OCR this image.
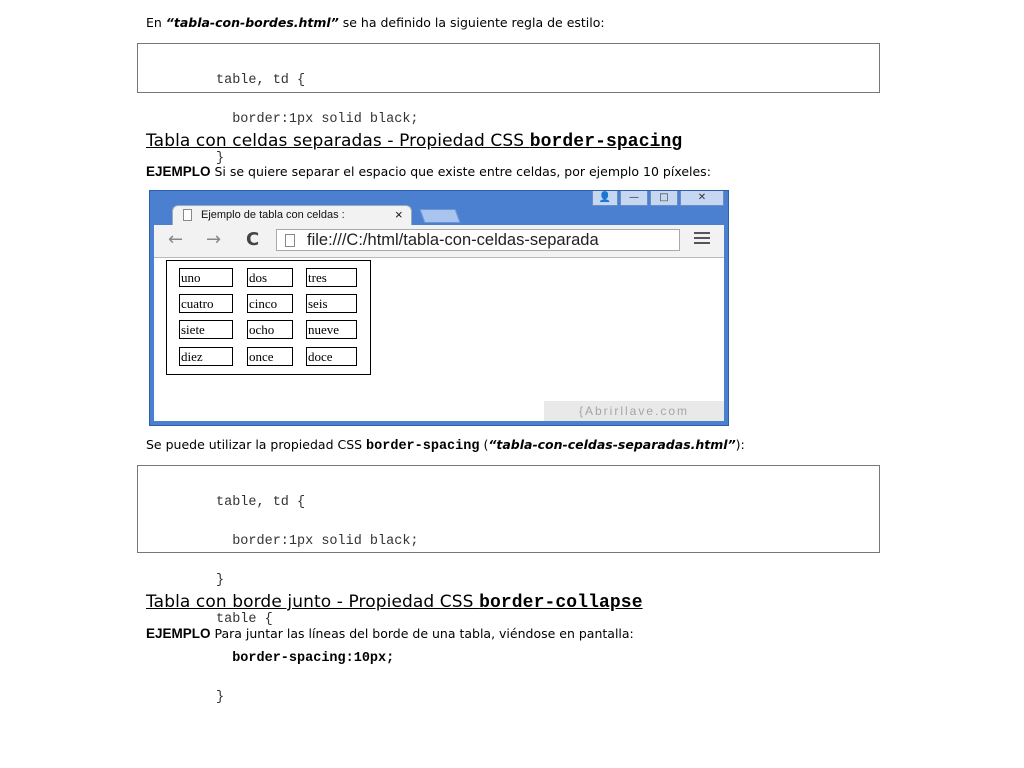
En “tabla-con-bordes.html” se ha definido la siguiente regla de estilo:

table, td {

border:1px solid black;

}

Tabla con celdas separadas - Propiedad CSS border-spacing
EJEMPLO Si se quiere separar el espacio que existe entre celdas, por ejemplo 10 píxeles:
Ejemplo de tabla con celdas :	×
👤	—	□	✕
← → C	file:///C:/html/tabla-con-celdas-separada
uno	dos	tres
cuatro	cinco	seis
siete	ocho	nueve
diez	once	doce
{Abrirllave.com
Se puede utilizar la propiedad CSS border-spacing (“tabla-con-celdas-separadas.html”):

table, td {

border:1px solid black;

}

table {

border-spacing:10px;

}

Tabla con borde junto - Propiedad CSS border-collapse
EJEMPLO Para juntar las líneas del borde de una tabla, viéndose en pantalla:
